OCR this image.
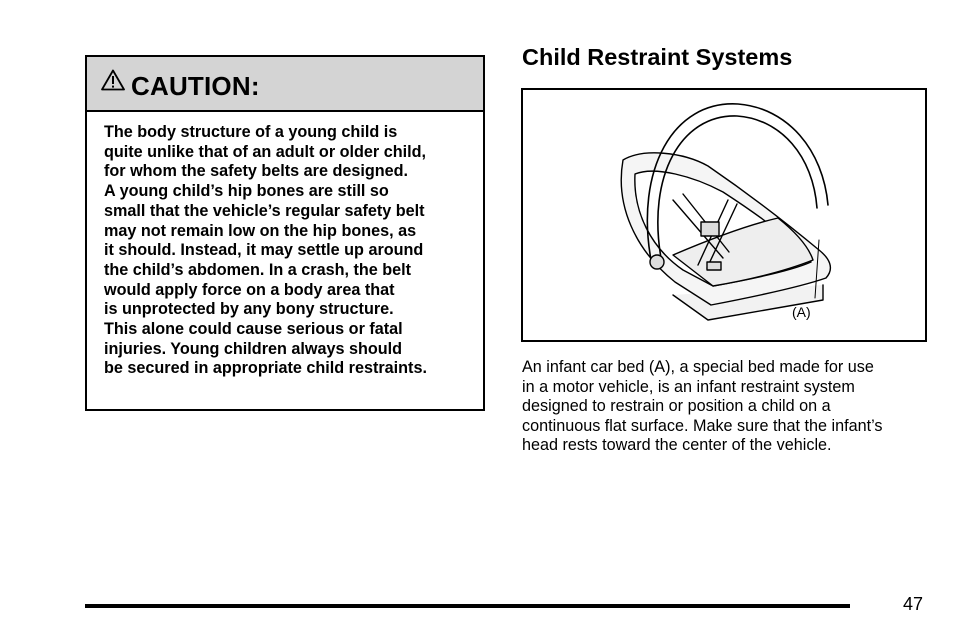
CAUTION:

The body structure of a young child is
quite unlike that of an adult or older child,
for whom the safety belts are designed.
A young child’s hip bones are still so
small that the vehicle’s regular safety belt
may not remain low on the hip bones, as
it should. Instead, it may settle up around
the child’s abdomen. In a crash, the belt
would apply force on a body area that
is unprotected by any bony structure.
This alone could cause serious or fatal
injuries. Young children always should
be secured in appropriate child restraints.

Child Restraint Systems
(A)

An infant car bed (A), a special bed made for use
in a motor vehicle, is an infant restraint system
designed to restrain or position a child on a
continuous flat surface. Make sure that the infant’s
head rests toward the center of the vehicle.

47
